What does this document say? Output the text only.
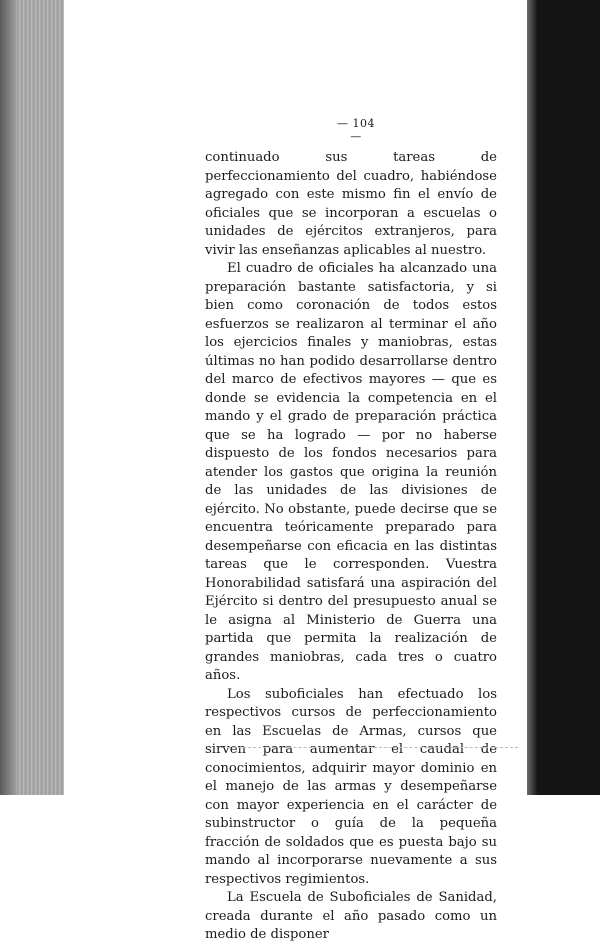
— 104 —

continuado sus tareas de perfeccionamiento del cuadro, habiéndose agregado con este mismo fin el envío de oficiales que se incorporan a escuelas o unidades de ejércitos extranjeros, para vivir las enseñanzas aplicables al nuestro.

El cuadro de oficiales ha alcanzado una preparación bastante satisfactoria, y si bien como coronación de todos estos esfuerzos se realizaron al terminar el año los ejercicios finales y maniobras, estas últimas no han podido desarrollarse dentro del marco de efectivos mayores — que es donde se evidencia la competencia en el mando y el grado de preparación práctica que se ha logrado — por no haberse dispuesto de los fondos necesarios para atender los gastos que origina la reunión de las unidades de las divisiones de ejército. No obstante, puede decirse que se encuentra teóricamente preparado para desempeñarse con eficacia en las distintas tareas que le corresponden. Vuestra Honorabilidad satisfará una aspiración del Ejército si dentro del presupuesto anual se le asigna al Ministerio de Guerra una partida que permita la realización de grandes maniobras, cada tres o cuatro años.

Los suboficiales han efectuado los respectivos cursos de perfeccionamiento en las Escuelas de Armas, cursos que sirven para aumentar el caudal de conocimientos, adquirir mayor dominio en el manejo de las armas y desempeñarse con mayor experiencia en el carácter de subinstructor o guía de la pequeña fracción de soldados que es puesta bajo su mando al incorporarse nuevamente a sus respectivos regimientos.

La Escuela de Suboficiales de Sanidad, creada durante el año pasado como un medio de disponer
